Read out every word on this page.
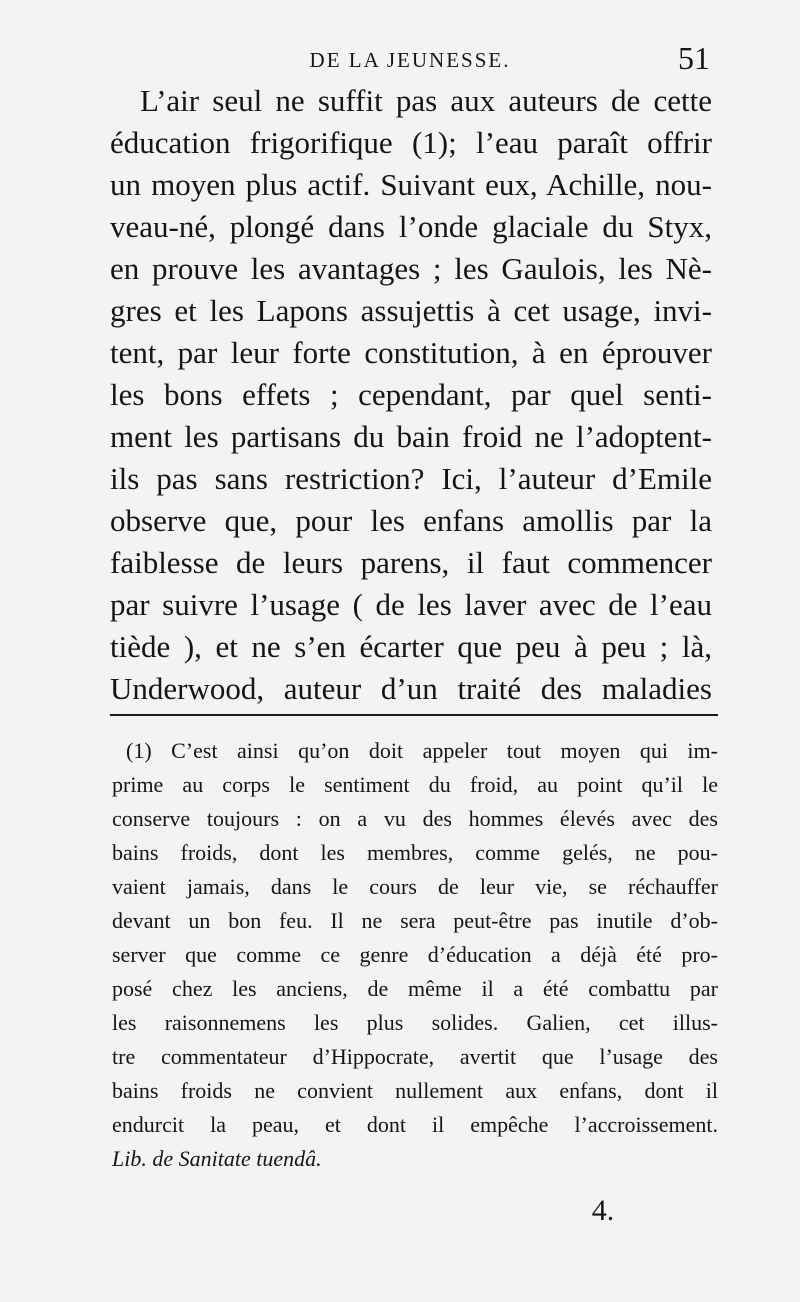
DE LA JEUNESSE.	51
L’air seul ne suffit pas aux auteurs de cette
éducation frigorifique (1); l’eau paraît offrir
un moyen plus actif. Suivant eux, Achille, nou-
veau-né, plongé dans l’onde glaciale du Styx,
en prouve les avantages ; les Gaulois, les Nè-
gres et les Lapons assujettis à cet usage, invi-
tent, par leur forte constitution, à en éprouver
les bons effets ; cependant, par quel senti-
ment les partisans du bain froid ne l’adoptent-
ils pas sans restriction? Ici, l’auteur d’Emile
observe que, pour les enfans amollis par la
faiblesse de leurs parens, il faut commencer
par suivre l’usage ( de les laver avec de l’eau
tiède ), et ne s’en écarter que peu à peu ; là,
Underwood, auteur d’un traité des maladies
(1) C’est ainsi qu’on doit appeler tout moyen qui im-
prime au corps le sentiment du froid, au point qu’il le
conserve toujours : on a vu des hommes élevés avec des
bains froids, dont les membres, comme gelés, ne pou-
vaient jamais, dans le cours de leur vie, se réchauffer
devant un bon feu. Il ne sera peut-être pas inutile d’ob-
server que comme ce genre d’éducation a déjà été pro-
posé chez les anciens, de même il a été combattu par
les raisonnemens les plus solides. Galien, cet illus-
tre commentateur d’Hippocrate, avertit que l’usage des
bains froids ne convient nullement aux enfans, dont il
endurcit la peau, et dont il empêche l’accroissement.
Lib. de Sanitate tuendâ.
4.
